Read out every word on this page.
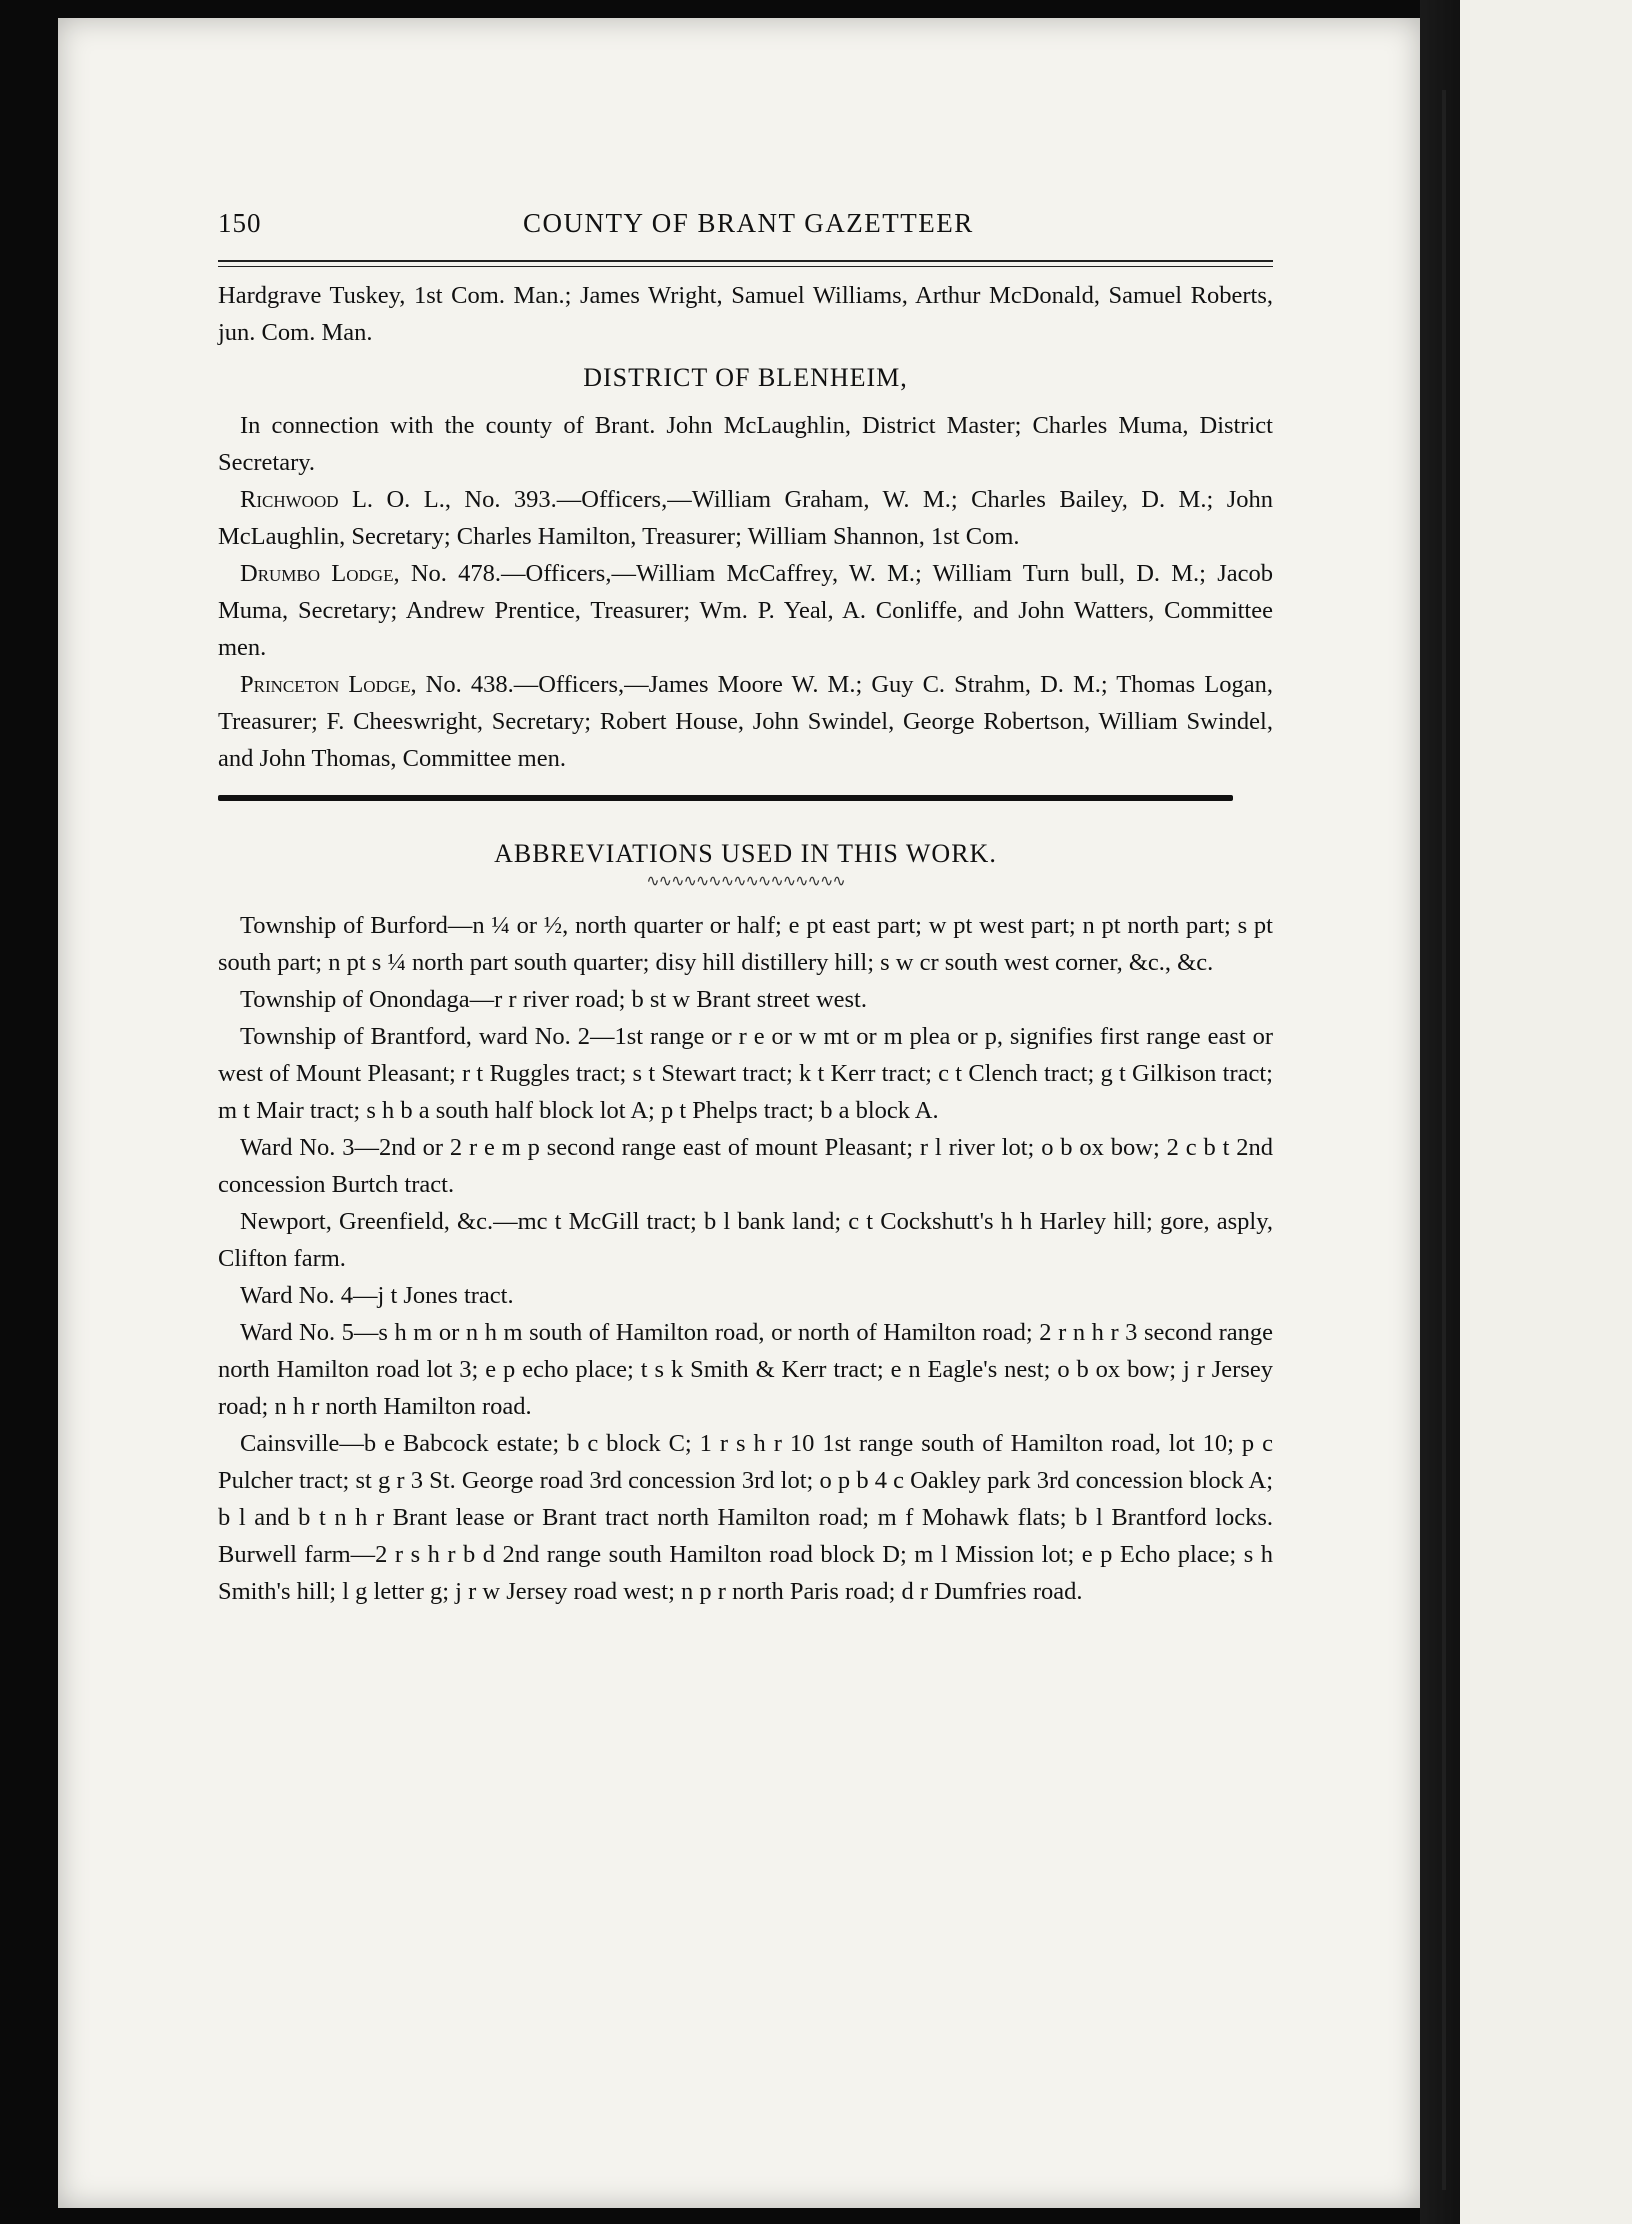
150	COUNTY OF BRANT GAZETTEER

Hardgrave Tuskey, 1st Com. Man.; James Wright, Samuel Williams, Arthur McDonald, Samuel Roberts, jun. Com. Man.

DISTRICT OF BLENHEIM,

In connection with the county of Brant. John McLaughlin, District Master; Charles Muma, District Secretary.

Richwood L. O. L., No. 393.—Officers,—William Graham, W. M.; Charles Bailey, D. M.; John McLaughlin, Secretary; Charles Hamilton, Treasurer; William Shannon, 1st Com.

Drumbo Lodge, No. 478.—Officers,—William McCaffrey, W. M.; William Turn bull, D. M.; Jacob Muma, Secretary; Andrew Prentice, Treasurer; Wm. P. Yeal, A. Conliffe, and John Watters, Committee men.

Princeton Lodge, No. 438.—Officers,—James Moore W. M.; Guy C. Strahm, D. M.; Thomas Logan, Treasurer; F. Cheeswright, Secretary; Robert House, John Swindel, George Robertson, William Swindel, and John Thomas, Committee men.

ABBREVIATIONS USED IN THIS WORK.
∿∿∿∿∿∿∿∿∿∿∿∿∿∿∿∿

Township of Burford—n ¼ or ½, north quarter or half; e pt east part; w pt west part; n pt north part; s pt south part; n pt s ¼ north part south quarter; disy hill distillery hill; s w cr south west corner, &c., &c.

Township of Onondaga—r r river road; b st w Brant street west.

Township of Brantford, ward No. 2—1st range or r e or w mt or m plea or p, signifies first range east or west of Mount Pleasant; r t Ruggles tract; s t Stewart tract; k t Kerr tract; c t Clench tract; g t Gilkison tract; m t Mair tract; s h b a south half block lot A; p t Phelps tract; b a block A.

Ward No. 3—2nd or 2 r e m p second range east of mount Pleasant; r l river lot; o b ox bow; 2 c b t 2nd concession Burtch tract.

Newport, Greenfield, &c.—mc t McGill tract; b l bank land; c t Cockshutt's h h Harley hill; gore, asply, Clifton farm.

Ward No. 4—j t Jones tract.

Ward No. 5—s h m or n h m south of Hamilton road, or north of Hamilton road; 2 r n h r 3 second range north Hamilton road lot 3; e p echo place; t s k Smith & Kerr tract; e n Eagle's nest; o b ox bow; j r Jersey road; n h r north Hamilton road.

Cainsville—b e Babcock estate; b c block C; 1 r s h r 10 1st range south of Hamilton road, lot 10; p c Pulcher tract; st g r 3 St. George road 3rd concession 3rd lot; o p b 4 c Oakley park 3rd concession block A; b l and b t n h r Brant lease or Brant tract north Hamilton road; m f Mohawk flats; b l Brantford locks. Burwell farm—2 r s h r b d 2nd range south Hamilton road block D; m l Mission lot; e p Echo place; s h Smith's hill; l g letter g; j r w Jersey road west; n p r north Paris road; d r Dumfries road.
